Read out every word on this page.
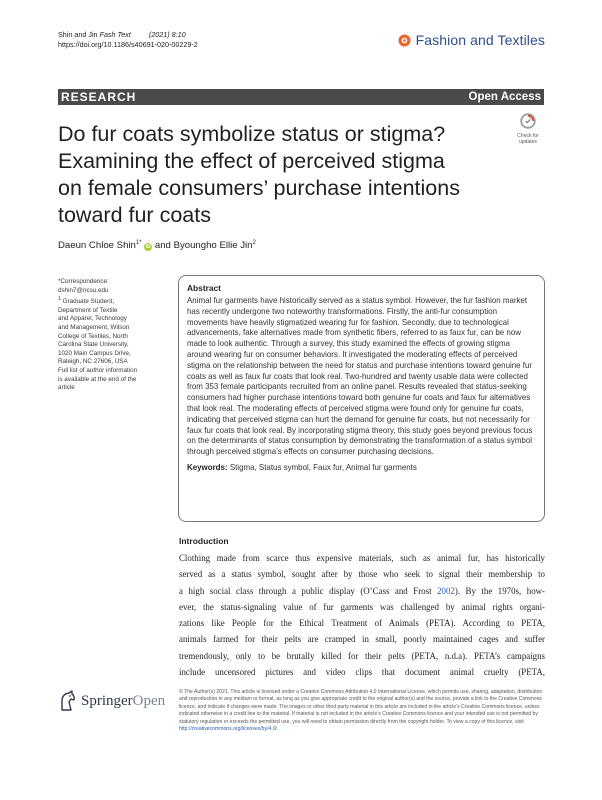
Shin and Jin Fash Text	(2021) 8:10
https://doi.org/10.1186/s40691-020-00229-2	Fashion and Textiles
RESEARCH	Open Access
Do fur coats symbolize status or stigma?
Examining the effect of perceived stigma
on female consumers’ purchase intentions
toward fur coats
Check for
updates
Daeun Chloe Shin$^{1*}$ iD and Byoungho Ellie Jin$^2$
*Correspondence:
dshin7@ncsu.edu
$^1$ Graduate Student,
Department of Textile
and Apparel, Technology
and Management, Wilson
College of Textiles, North
Carolina State University,
1020 Main Campus Drive,
Raleigh, NC 27606, USA
Full list of author information
is available at the end of the
article
Abstract

Animal fur garments have historically served as a status symbol. However, the fur fashion market has recently undergone two noteworthy transformations. Firstly, the anti-fur consumption movements have heavily stigmatized wearing fur for fashion. Secondly, due to technological advancements, fake alternatives made from synthetic fibers, referred to as faux fur, can be now made to look authentic. Through a survey, this study examined the effects of growing stigma around wearing fur on consumer behaviors. It investigated the moderating effects of perceived stigma on the relationship between the need for status and purchase intentions toward genuine fur coats as well as faux fur coats that look real. Two-hundred and twenty usable data were collected from 353 female participants recruited from an online panel. Results revealed that status-seeking consumers had higher purchase intentions toward both genuine fur coats and faux fur alternatives that look real. The moderating effects of perceived stigma were found only for genuine fur coats, indicating that perceived stigma can hurt the demand for genuine fur coats, but not necessarily for faux fur coats that look real. By incorporating stigma theory, this study goes beyond previous focus on the determinants of status consumption by demonstrating the transformation of a status symbol through perceived stigma’s effects on consumer purchasing decisions.

Keywords: Stigma, Status symbol, Faux fur, Animal fur garments
Introduction
Clothing made from scarce thus expensive materials, such as animal fur, has historically
served as a status symbol, sought after by those who seek to signal their membership to
a high social class through a public display (O’Cass and Frost 2002). By the 1970s, how-
ever, the status-signaling value of fur garments was challenged by animal rights organi-
zations like People for the Ethical Treatment of Animals (PETA). According to PETA,
animals farmed for their pelts are cramped in small, poorly maintained cages and suffer
tremendously, only to be brutally killed for their pelts (PETA, n.d.a). PETA’s campaigns
include uncensored pictures and video clips that document animal cruelty (PETA,
SpringerOpen
© The Author(s) 2021. This article is licensed under a Creative Commons Attribution 4.0 International License, which permits use, sharing, adaptation, distribution and reproduction in any medium or format, as long as you give appropriate credit to the original author(s) and the source, provide a link to the Creative Commons licence, and indicate if changes were made. The images or other third party material in this article are included in the article’s Creative Commons licence, unless indicated otherwise in a credit line to the material. If material is not included in the article’s Creative Commons licence and your intended use is not permitted by statutory regulation or exceeds the permitted use, you will need to obtain permission directly from the copyright holder. To view a copy of this licence, visit http://creativecommons.org/licenses/by/4.0/.
